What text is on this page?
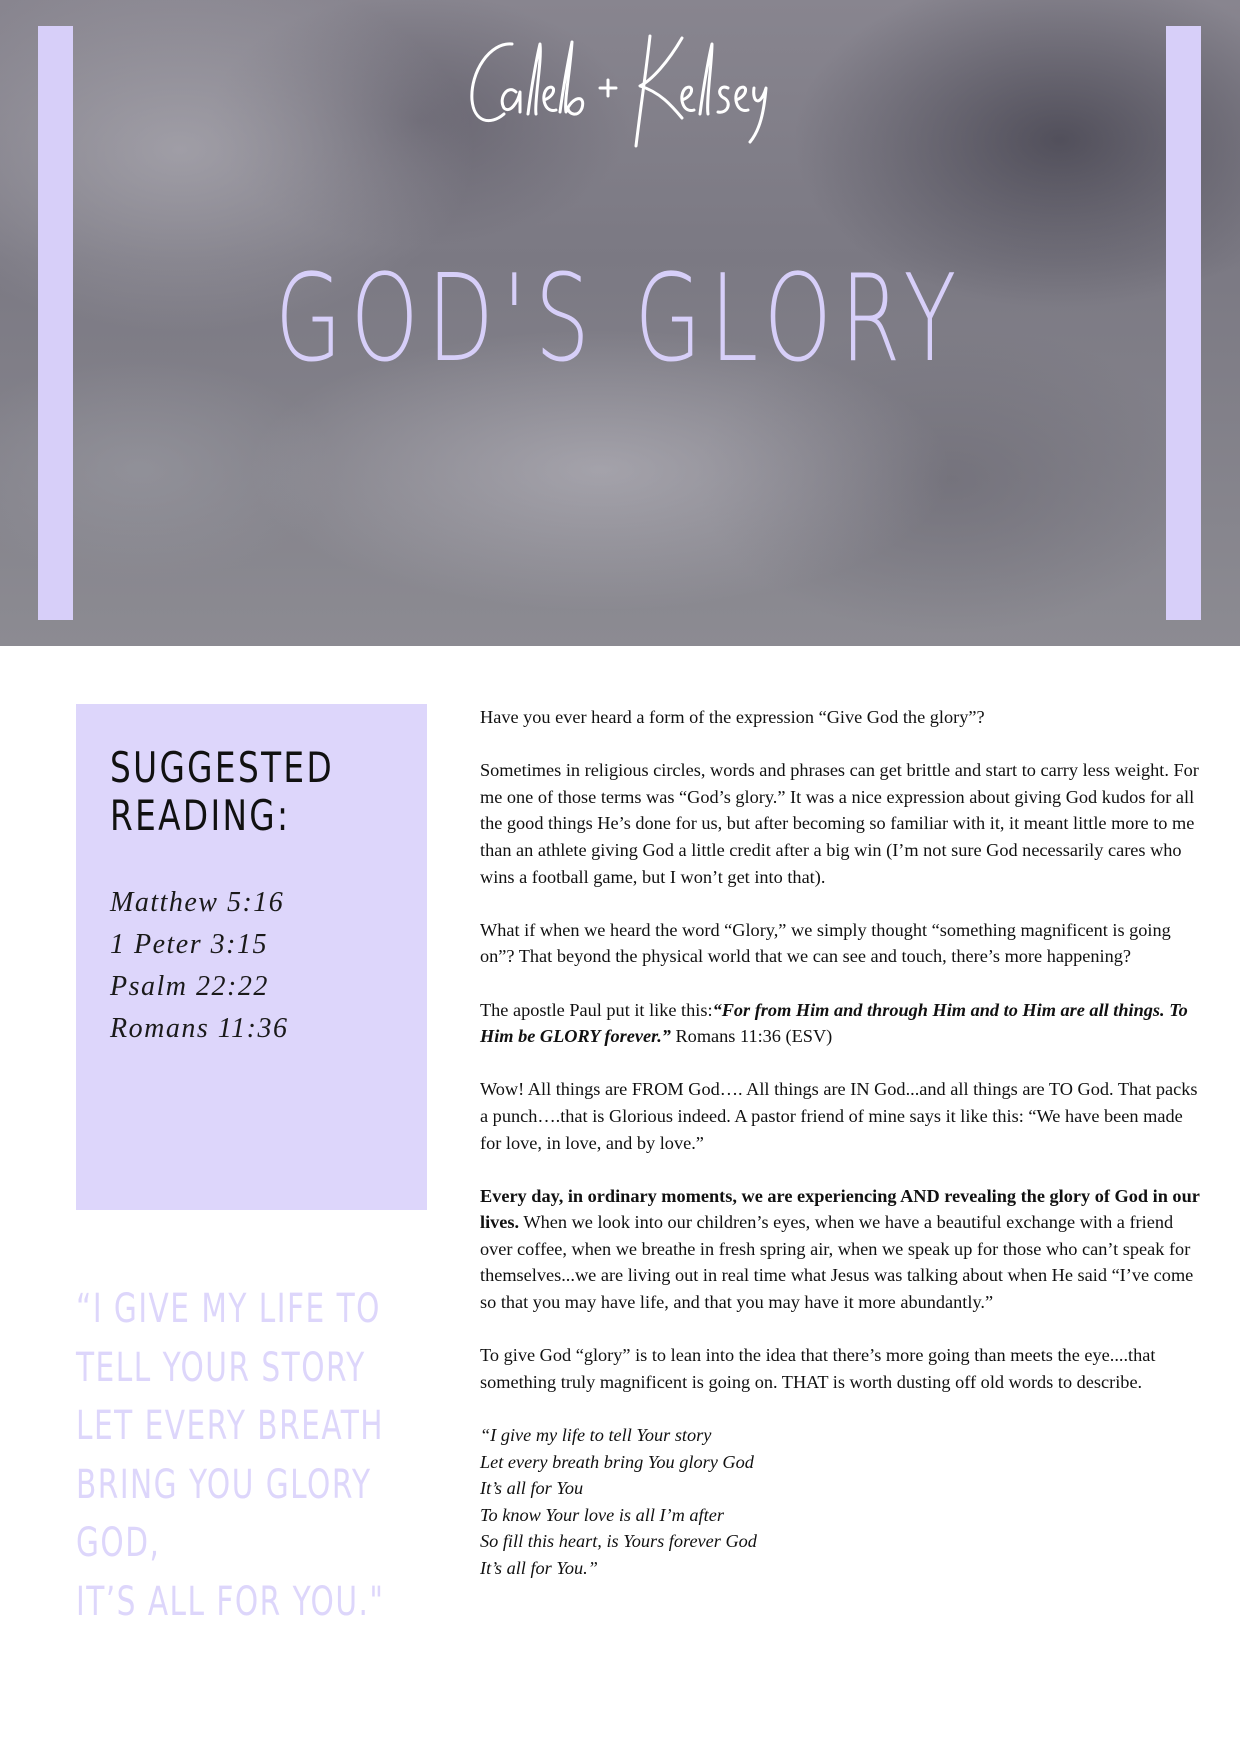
GOD'S GLORY
SUGGESTED
READING:
Matthew 5:16
1 Peter 3:15
Psalm 22:22
Romans 11:36
“I GIVE MY LIFE TO
TELL YOUR STORY
LET EVERY BREATH
BRING YOU GLORY
GOD,
IT’S ALL FOR YOU."

Have you ever heard a form of the expression “Give God the glory”?

Sometimes in religious circles, words and phrases can get brittle and start to carry less weight. For me one of those terms was “God’s glory.” It was a nice expression about giving God kudos for all the good things He’s done for us, but after becoming so familiar with it, it meant little more to me than an athlete giving God a little credit after a big win (I’m not sure God necessarily cares who wins a football game, but I won’t get into that).

What if when we heard the word “Glory,” we simply thought “something magnificent is going on”? That beyond the physical world that we can see and touch, there’s more happening?

The apostle Paul put it like this:“For from Him and through Him and to Him are all things. To Him be GLORY forever.” Romans 11:36 (ESV)

Wow! All things are FROM God…. All things are IN God...and all things are TO God. That packs a punch….that is Glorious indeed. A pastor friend of mine says it like this: “We have been made for love, in love, and by love.”

Every day, in ordinary moments, we are experiencing AND revealing the glory of God in our lives. When we look into our children’s eyes, when we have a beautiful exchange with a friend over coffee, when we breathe in fresh spring air, when we speak up for those who can’t speak for themselves...we are living out in real time what Jesus was talking about when He said “I’ve come so that you may have life, and that you may have it more abundantly.”

To give God “glory” is to lean into the idea that there’s more going than meets the eye....that something truly magnificent is going on. THAT is worth dusting off old words to describe.

“I give my life to tell Your story
Let every breath bring You glory God
It’s all for You
To know Your love is all I’m after
So fill this heart, is Yours forever God
It’s all for You.”
